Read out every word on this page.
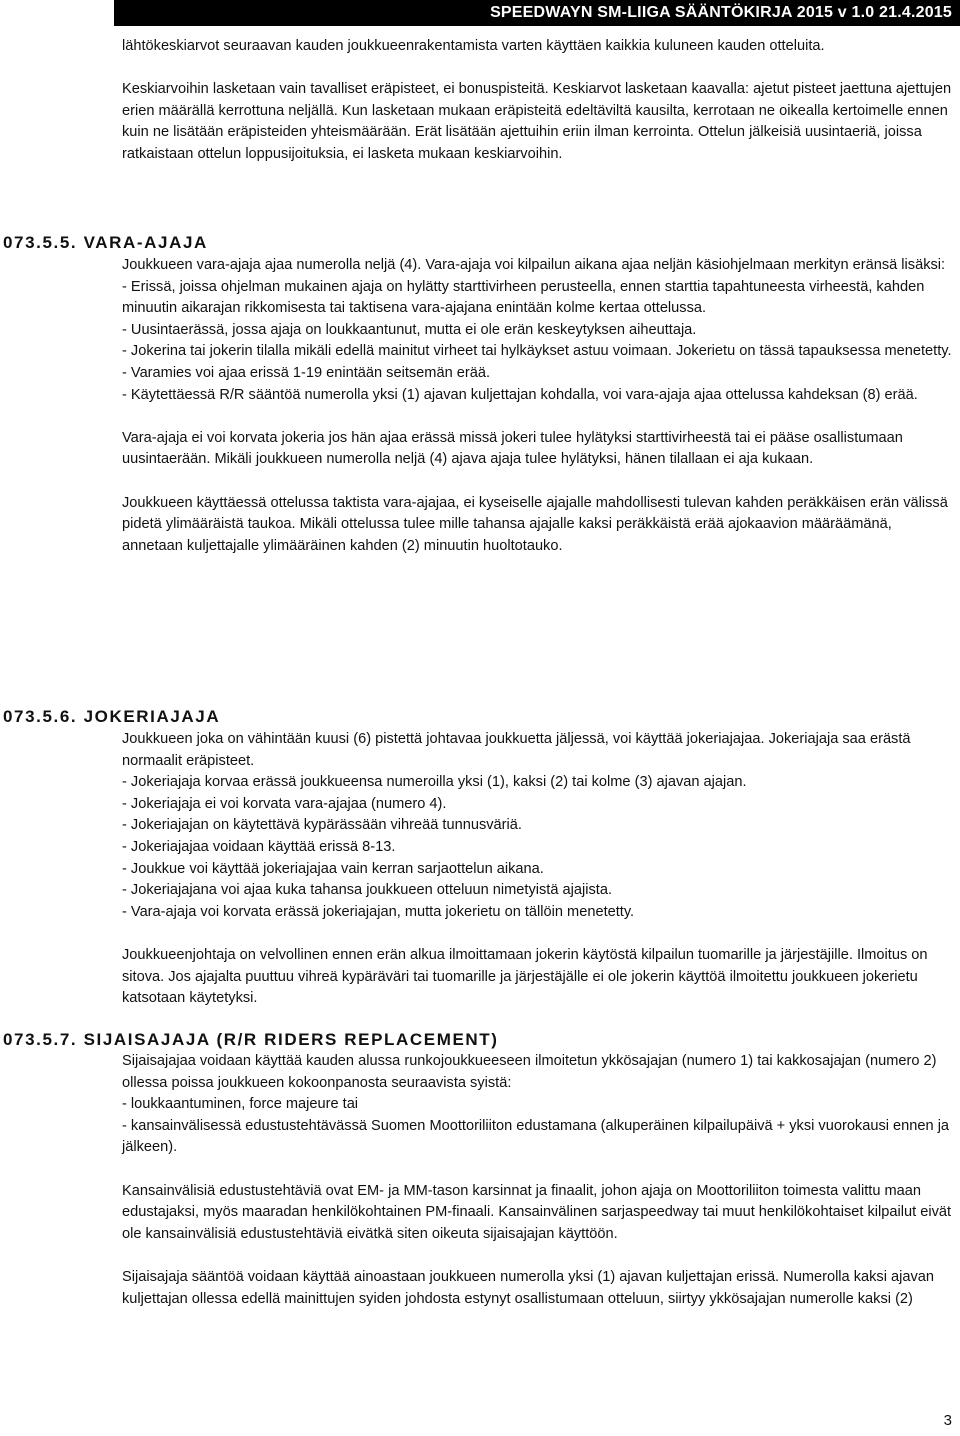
SPEEDWAYN SM-LIIGA SÄÄNTÖKIRJA 2015 v 1.0 21.4.2015

lähtökeskiarvot seuraavan kauden joukkueenrakentamista varten käyttäen kaikkia kuluneen kauden otteluita.

Keskiarvoihin lasketaan vain tavalliset eräpisteet, ei bonuspisteitä. Keskiarvot lasketaan kaavalla: ajetut pisteet jaettuna ajettujen erien määrällä kerrottuna neljällä. Kun lasketaan mukaan eräpisteitä edeltäviltä kausilta, kerrotaan ne oikealla kertoimelle ennen kuin ne lisätään eräpisteiden yhteismäärään. Erät lisätään ajettuihin eriin ilman kerrointa. Ottelun jälkeisiä uusintaeriä, joissa ratkaistaan ottelun loppusijoituksia, ei lasketa mukaan keskiarvoihin.

073.5.5. VARA-AJAJA

Joukkueen vara-ajaja ajaa numerolla neljä (4). Vara-ajaja voi kilpailun aikana ajaa neljän käsiohjelmaan merkityn eränsä lisäksi:

- Erissä, joissa ohjelman mukainen ajaja on hylätty starttivirheen perusteella, ennen starttia tapahtuneesta virheestä, kahden minuutin aikarajan rikkomisesta tai taktisena vara-ajajana enintään kolme kertaa ottelussa.

- Uusintaerässä, jossa ajaja on loukkaantunut, mutta ei ole erän keskeytyksen aiheuttaja.

- Jokerina tai jokerin tilalla mikäli edellä mainitut virheet tai hylkäykset astuu voimaan. Jokerietu on tässä tapauksessa menetetty.

- Varamies voi ajaa erissä 1-19 enintään seitsemän erää.

- Käytettäessä R/R sääntöä numerolla yksi (1) ajavan kuljettajan kohdalla, voi vara-ajaja ajaa ottelussa kahdeksan (8) erää.

Vara-ajaja ei voi korvata jokeria jos hän ajaa erässä missä jokeri tulee hylätyksi starttivirheestä tai ei pääse osallistumaan uusintaerään. Mikäli joukkueen numerolla neljä (4) ajava ajaja tulee hylätyksi, hänen tilallaan ei aja kukaan.

Joukkueen käyttäessä ottelussa taktista vara-ajajaa, ei kyseiselle ajajalle mahdollisesti tulevan kahden peräkkäisen erän välissä pidetä ylimääräistä taukoa. Mikäli ottelussa tulee mille tahansa ajajalle kaksi peräkkäistä erää ajokaavion määräämänä, annetaan kuljettajalle ylimääräinen kahden (2) minuutin huoltotauko.

073.5.6. JOKERIAJAJA

Joukkueen joka on vähintään kuusi (6) pistettä johtavaa joukkuetta jäljessä, voi käyttää jokeriajajaa. Jokeriajaja saa erästä normaalit eräpisteet.

- Jokeriajaja korvaa erässä joukkueensa numeroilla yksi (1), kaksi (2) tai kolme (3) ajavan ajajan.

- Jokeriajaja ei voi korvata vara-ajajaa (numero 4).

- Jokeriajajan on käytettävä kypärässään vihreää tunnusväriä.

- Jokeriajajaa voidaan käyttää erissä 8-13.

- Joukkue voi käyttää jokeriajajaa vain kerran sarjaottelun aikana.

- Jokeriajajana voi ajaa kuka tahansa joukkueen otteluun nimetyistä ajajista.

- Vara-ajaja voi korvata erässä jokeriajajan, mutta jokerietu on tällöin menetetty.

Joukkueenjohtaja on velvollinen ennen erän alkua ilmoittamaan jokerin käytöstä kilpailun tuomarille ja järjestäjille. Ilmoitus on sitova. Jos ajajalta puuttuu vihreä kypäräväri tai tuomarille ja järjestäjälle ei ole jokerin käyttöä ilmoitettu joukkueen jokerietu katsotaan käytetyksi.

073.5.7. SIJAISAJAJA (R/R RIDERS REPLACEMENT)

Sijaisajajaa voidaan käyttää kauden alussa runkojoukkueeseen ilmoitetun ykkösajajan (numero 1) tai kakkosajajan (numero 2) ollessa poissa joukkueen kokoonpanosta seuraavista syistä:

- loukkaantuminen, force majeure tai

- kansainvälisessä edustustehtävässä Suomen Moottoriliiton edustamana (alkuperäinen kilpailupäivä + yksi vuorokausi ennen ja jälkeen).

Kansainvälisiä edustustehtäviä ovat EM- ja MM-tason karsinnat ja finaalit, johon ajaja on Moottoriliiton toimesta valittu maan edustajaksi, myös maaradan henkilökohtainen PM-finaali. Kansainvälinen sarjaspeedway tai muut henkilökohtaiset kilpailut eivät ole kansainvälisiä edustustehtäviä eivätkä siten oikeuta sijaisajajan käyttöön.

Sijaisajaja sääntöä voidaan käyttää ainoastaan joukkueen numerolla yksi (1) ajavan kuljettajan erissä. Numerolla kaksi ajavan kuljettajan ollessa edellä mainittujen syiden johdosta estynyt osallistumaan otteluun, siirtyy ykkösajajan numerolle kaksi (2)

3
